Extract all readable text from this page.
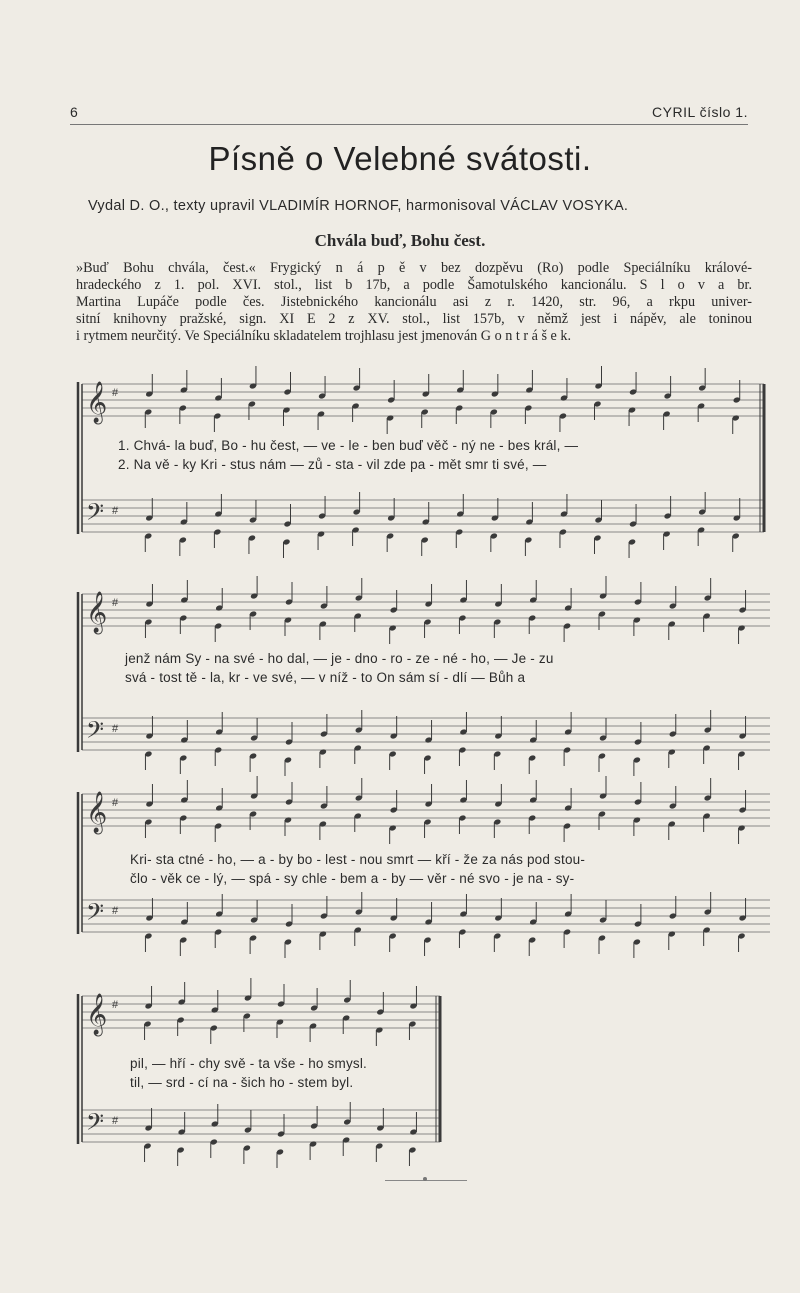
6	CYRIL číslo 1.
Písně o Velebné svátosti.
Vydal D. O., texty upravil VLADIMÍR HORNOF, harmonisoval VÁCLAV VOSYKA.
Chvála buď, Bohu čest.
»Buď Bohu chvála, čest.« Frygický n á p ě v bez dozpěvu (Ro) podle Speciálníku králové-
hradeckého z 1. pol. XVI. stol., list b 17b, a podle Šamotulského kancionálu. S l o v a br.
Martina Lupáče podle čes. Jistebnického kancionálu asi z r. 1420, str. 96, a rkpu univer-
sitní knihovny pražské, sign. XI E 2 z XV. stol., list 157b, v němž jest i nápěv, ale toninou
i rytmem neurčitý. Ve Speciálníku skladatelem trojhlasu jest jmenován G o n t r á š e k.
𝄞
𝄢
#
#
𝄞
𝄢
#
#
𝄞
𝄢
#
#
𝄞
𝄢
#
#
1. Chvá- la buď, Bo - hu čest, — ve - le - ben buď věč - ný ne - bes král, —
2. Na vě - ky Kri - stus nám — zů - sta - vil zde pa - mět smr ti své, —
jenž nám Sy - na své - ho dal, — je - dno - ro - ze - né - ho, — Je - zu
svá - tost tě - la, kr - ve své, — v níž - to On sám sí - dlí — Bůh a
Kri- sta ctné - ho, — a - by bo - lest - nou smrt — kří - že za nás pod stou-
člo - věk ce - lý, — spá - sy chle - bem a - by — věr - né svo - je na - sy-
pil, — hří - chy svě - ta vše - ho smysl.
til, — srd - cí na - šich ho - stem byl.
